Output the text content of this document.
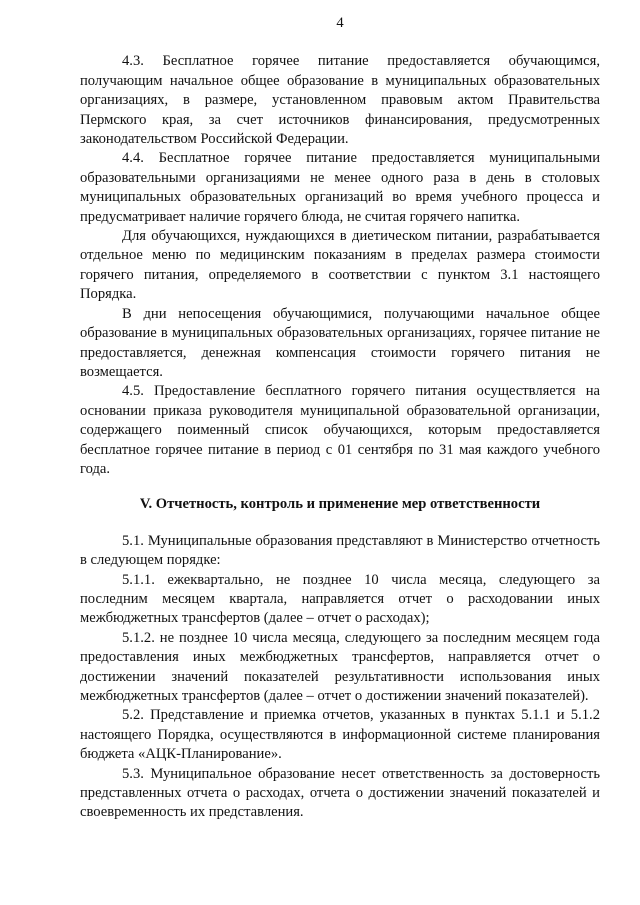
4

4.3. Бесплатное горячее питание предоставляется обучающимся, получающим начальное общее образование в муниципальных образовательных организациях, в размере, установленном правовым актом Правительства Пермского края, за счет источников финансирования, предусмотренных законодательством Российской Федерации.

4.4. Бесплатное горячее питание предоставляется муниципальными образовательными организациями не менее одного раза в день в столовых муниципальных образовательных организаций во время учебного процесса и предусматривает наличие горячего блюда, не считая горячего напитка.

Для обучающихся, нуждающихся в диетическом питании, разрабатывается отдельное меню по медицинским показаниям в пределах размера стоимости горячего питания, определяемого в соответствии с пунктом 3.1 настоящего Порядка.

В дни непосещения обучающимися, получающими начальное общее образование в муниципальных образовательных организациях, горячее питание не предоставляется, денежная компенсация стоимости горячего питания не возмещается.

4.5. Предоставление бесплатного горячего питания осуществляется на основании приказа руководителя муниципальной образовательной организации, содержащего поименный список обучающихся, которым предоставляется бесплатное горячее питание в период с 01 сентября по 31 мая каждого учебного года.

V. Отчетность, контроль и применение мер ответственности

5.1. Муниципальные образования представляют в Министерство отчетность в следующем порядке:

5.1.1. ежеквартально, не позднее 10 числа месяца, следующего за последним месяцем квартала, направляется отчет о расходовании иных межбюджетных трансфертов (далее – отчет о расходах);

5.1.2. не позднее 10 числа месяца, следующего за последним месяцем года предоставления иных межбюджетных трансфертов, направляется отчет о достижении значений показателей результативности использования иных межбюджетных трансфертов (далее – отчет о достижении значений показателей).

5.2. Представление и приемка отчетов, указанных в пунктах 5.1.1 и 5.1.2 настоящего Порядка, осуществляются в информационной системе планирования бюджета «АЦК-Планирование».

5.3. Муниципальное образование несет ответственность за достоверность представленных отчета о расходах, отчета о достижении значений показателей и своевременность их представления.
